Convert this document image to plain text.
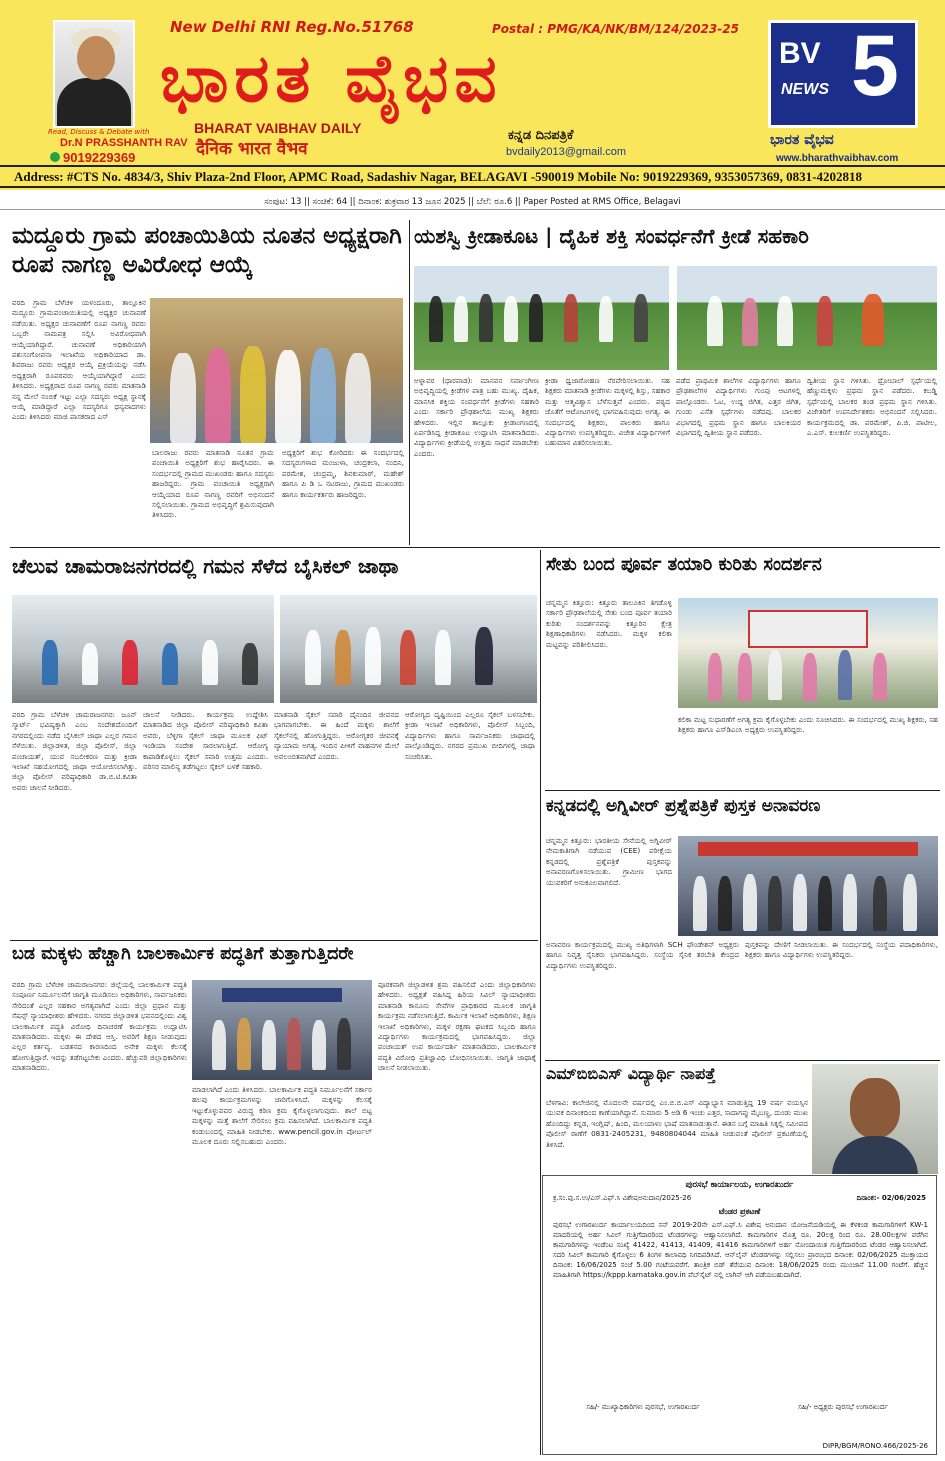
Read, Discuss & Debate with
Dr.N PRASSHANTH RAV
9019229369
New Delhi RNI Reg.No.51768	Postal : PMG/KA/NK/BM/124/2023-25
ಭಾರತ ವೈಭವ
BHARAT VAIBHAV DAILY
दैनिक भारत वैभव
ಕನ್ನಡ ದಿನಪತ್ರಿಕೆ
bvdaily2013@gmail.com
BV 5
NEWS
ಭಾರತ ವೈಭವ
www.bharathvaibhav.com
Address: #CTS No. 4834/3, Shiv Plaza-2nd Floor, APMC Road, Sadashiv Nagar, BELAGAVI -590019 Mobile No: 9019229369, 9353057369, 0831-4202818
ಸಂಪುಟ: 13 || ಸಂಚಿಕೆ: 64 || ದಿನಾಂಕ: ಶುಕ್ರವಾರ 13 ಜೂನ 2025 || ಬೆಲೆ: ರೂ.6 || Paper Posted at RMS Office, Belagavi
ಮದ್ದೂರು ಗ್ರಾಮ ಪಂಚಾಯಿತಿಯ ನೂತನ ಅಧ್ಯಕ್ಷರಾಗಿ ರೂಪ ನಾಗಣ್ಣ ಅವಿರೋಧ ಆಯ್ಕೆ
ವರದಿ ಗ್ರಾಮ ಬೆಳೆಚಳಿ ಯಳಂದೂರು, ತಾಲ್ಲೂಕಿನ ಮದ್ದೂರು ಗ್ರಾಮಪಂಚಾಯಿತಿಯಲ್ಲಿ ಅಧ್ಯಕ್ಷರ ಚುನಾವಣೆ ನಡೆಯಿತು. ಅಧ್ಯಕ್ಷರ ಚುನಾವಣೆಗೆ ರೂಪ ನಾಗಣ್ಣ ರವರು ಒಬ್ಬರೇ ನಾಮಪತ್ರ ಸಲ್ಲಿಸಿ ಅವಿರೋಧವಾಗಿ ಆಯ್ಕೆಯಾಗಿದ್ದಾರೆ. ಚುನಾವಣೆ ಅಧಿಕಾರಿಯಾಗಿ ಪಶುಸಂಗೋಪನಾ ಇಲಾಖೆಯ ಅಧಿಕಾರಿಯಾದ ಡಾ. ಶಿವರಾಜು ರವರು ಅಧ್ಯಕ್ಷರ ಆಯ್ಕೆ ಪ್ರಕ್ರಿಯೆಯನ್ನು ನಡೆಸಿ ಅಧ್ಯಕ್ಷರಾಗಿ ರೂಪರವರು ಆಯ್ಕೆಯಾಗಿದ್ದಾರೆ ಎಂದು ತಿಳಿಸಿದರು. ಅಧ್ಯಕ್ಷರಾದ ರೂಪ ನಾಗಣ್ಣ ರವರು ಮಾತನಾಡಿ ನನ್ನ ಮೇಲೆ ನಂಬಿಕೆ ಇಟ್ಟು ಎಲ್ಲಾ ಸದಸ್ಯರು ಅಧ್ಯಕ್ಷ ಸ್ಥಾನಕ್ಕೆ ಆಯ್ಕೆ ಮಾಡಿದ್ದಾರೆ ಎಲ್ಲಾ ಸದಸ್ಯರಿಗೂ ಧನ್ಯವಾದಗಳು ಎಂದು ತಿಳಿಸಿದರು ಮಾಜಿ ಪಾಸಕರಾದ ಎಸ್
ಬಾಲರಾಜು ರವರು ಮಾತನಾಡಿ ನೂತನ ಗ್ರಾಮ ಪಂಚಾಯಿತಿ ಅಧ್ಯಕ್ಷರಿಗೆ ಶುಭ ಹಾರೈಸಿದರು. ಈ ಸಂದರ್ಭದಲ್ಲಿ ಗ್ರಾಮದ ಮುಖಂಡರು ಹಾಗೂ ಸದಸ್ಯರು ಹಾಜರಿದ್ದರು. ಗ್ರಾಮ ಪಂಚಾಯಿತಿ ಅಧ್ಯಕ್ಷರಾಗಿ ಆಯ್ಕೆಯಾದ ರೂಪ ನಾಗಣ್ಣ ರವರಿಗೆ ಅಭಿನಂದನೆ ಸಲ್ಲಿಸಲಾಯಿತು. ಗ್ರಾಮದ ಅಭಿವೃದ್ಧಿಗೆ ಶ್ರಮಿಸುವುದಾಗಿ ತಿಳಿಸಿದರು.
ಅಧ್ಯಕ್ಷರಿಗೆ ಶುಭ ಕೋರಿದರು ಈ ಸಂದರ್ಭದಲ್ಲಿ ಸದಸ್ಯರುಗಳಾದ ಮಂಜುಳಾ, ಚಂದ್ರಕಲಾ, ನಂದಿನಿ, ಪರಮೇಶ, ಚಂದ್ರಮ್ಮ, ಶಿವಕುಮಾರ್, ಮಹೇಶ್ ಹಾಗೂ ಪಿ ಡಿ ಒ ನಟರಾಜು, ಗ್ರಾಮದ ಮುಖಂಡರು ಹಾಗೂ ಕಾರ್ಯಕರ್ತರು ಹಾಜರಿದ್ದರು.
ಯಶಸ್ವಿ ಕ್ರೀಡಾಕೂಟ | ದೈಹಿಕ ಶಕ್ತಿ ಸಂವರ್ಧನೆಗೆ ಕ್ರೀಡೆ ಸಹಕಾರಿ
ಅಳ್ನಾವರ (ಧಾರವಾಡ): ಮಾನವನ ಸರ್ವಾಂಗೀಣ ಅಭಿವೃದ್ಧಿಯಲ್ಲಿ ಕ್ರೀಡೆಗಳ ಪಾತ್ರ ಬಹು ಮುಖ್ಯ. ದೈಹಿಕ, ಮಾನಸಿಕ ಶಕ್ತಿಯ ಸಂವರ್ಧನೆಗೆ ಕ್ರೀಡೆಗಳು ಸಹಕಾರಿ ಎಂದು ಸರ್ಕಾರಿ ಪ್ರೌಢಶಾಲೆಯ ಮುಖ್ಯ ಶಿಕ್ಷಕರು ಹೇಳಿದರು. ಇಲ್ಲಿನ ತಾಲ್ಲೂಕು ಕ್ರೀಡಾಂಗಣದಲ್ಲಿ ಏರ್ಪಡಿಸಿದ್ದ ಕ್ರೀಡಾಕೂಟ ಉದ್ಘಾಟಿಸಿ ಮಾತನಾಡಿದರು. ವಿದ್ಯಾರ್ಥಿಗಳು ಕ್ರೀಡೆಯಲ್ಲಿ ಉತ್ತಮ ಸಾಧನೆ ಮಾಡಬೇಕು ಎಂದರು.
ಕ್ರೀಡಾ ಧ್ವಜಾರೋಹಣ ನೆರವೇರಿಸಲಾಯಿತು. ಸಹ ಶಿಕ್ಷಕರು ಮಾತನಾಡಿ ಕ್ರೀಡೆಗಳು ಮಕ್ಕಳಲ್ಲಿ ಶಿಸ್ತು, ಸಹಕಾರ ಮತ್ತು ಆತ್ಮವಿಶ್ವಾಸ ಬೆಳೆಸುತ್ತವೆ ಎಂದರು. ಪಠ್ಯದ ಜೊತೆಗೆ ಆಟೋಟಗಳಲ್ಲಿ ಭಾಗವಹಿಸುವುದು ಅಗತ್ಯ. ಈ ಸಂದರ್ಭದಲ್ಲಿ ಶಿಕ್ಷಕರು, ಪಾಲಕರು ಹಾಗೂ ವಿದ್ಯಾರ್ಥಿಗಳು ಉಪಸ್ಥಿತರಿದ್ದರು. ವಿಜೇತ ವಿದ್ಯಾರ್ಥಿಗಳಿಗೆ ಬಹುಮಾನ ವಿತರಿಸಲಾಯಿತು.
ಪಡೆದ ಪ್ರಾಥಮಿಕ ಶಾಲೆಗಳ ವಿದ್ಯಾರ್ಥಿಗಳು ಹಾಗೂ ಪ್ರೌಢಶಾಲೆಗಳ ವಿದ್ಯಾರ್ಥಿಗಳು ಗುಂಪು ಆಟಗಳಲ್ಲಿ ಪಾಲ್ಗೊಂಡರು. ಓಟ, ಉದ್ದ ಜಿಗಿತ, ಎತ್ತರ ಜಿಗಿತ, ಗುಂಡು ಎಸೆತ ಸ್ಪರ್ಧೆಗಳು ನಡೆದವು. ಬಾಲಕರ ವಿಭಾಗದಲ್ಲಿ ಪ್ರಥಮ ಸ್ಥಾನ ಹಾಗೂ ಬಾಲಕಿಯರ ವಿಭಾಗದಲ್ಲಿ ದ್ವಿತೀಯ ಸ್ಥಾನ ಪಡೆದರು.
ದ್ವಿತೀಯ ಸ್ಥಾನ ಗಳಿಸಿತು. ಥ್ರೋಬಾಲ್ ಸ್ಪರ್ಧೆಯಲ್ಲಿ ಹೆಣ್ಣುಮಕ್ಕಳು ಪ್ರಥಮ ಸ್ಥಾನ ಪಡೆದರು. ಕಬಡ್ಡಿ ಸ್ಪರ್ಧೆಯಲ್ಲಿ ಬಾಲಕರ ತಂಡ ಪ್ರಥಮ ಸ್ಥಾನ ಗಳಿಸಿತು. ವಿಜೇತರಿಗೆ ಉಪನಿರ್ದೇಶಕರು ಅಭಿನಂದನೆ ಸಲ್ಲಿಸಿದರು. ಕಾರ್ಯಕ್ರಮದಲ್ಲಿ ಡಾ. ಪರಮೇಶ್, ಪಿ.ಜಿ. ಪಾಟೀಲ, ಎ.ಎಸ್. ಕುಲಕರ್ಣಿ ಉಪಸ್ಥಿತರಿದ್ದರು.
ಚೆಲುವ ಚಾಮರಾಜನಗರದಲ್ಲಿ ಗಮನ ಸೆಳೆದ ಬೈಸಿಕಲ್ ಜಾಥಾ
ವರದಿ ಗ್ರಾಮ ಬೆಳೆಚಳಿ ಚಾಮರಾಜನಗರ: ಜೂನ್ ಸ್ಮಾರ್ಟ್ ಭವಿಷ್ಯಕ್ಕಾಗಿ ಎಂಬ ಸಂದೇಶದೊಂದಿಗೆ ನಗರದಲ್ಲಿಂದು ನಡೆದ ಬೈಸಿಕಲ್ ಜಾಥಾ ಎಲ್ಲರ ಗಮನ ಸೆಳೆಯಿತು. ಜಿಲ್ಲಾಡಳಿತ, ಜಿಲ್ಲಾ ಪೊಲೀಸ್, ಜಿಲ್ಲಾ ಪಂಚಾಯತ್, ಯುವ ಸಬಲೀಕರಣ ಮತ್ತು ಕ್ರೀಡಾ ಇಲಾಖೆ ಸಹಯೋಗದಲ್ಲಿ ಜಾಥಾ ಆಯೋಜಿಸಲಾಗಿತ್ತು. ಜಿಲ್ಲಾ ಪೊಲೀಸ್ ವರಿಷ್ಠಾಧಿಕಾರಿ ಡಾ.ಬಿ.ಟಿ.ಕವಿತಾ ಅವರು ಚಾಲನೆ ನೀಡಿದರು.
ಚಾಲನೆ ನೀಡಿದರು. ಕಾರ್ಯಕ್ರಮ ಉದ್ದೇಶಿಸಿ ಮಾತನಾಡಿದ ಜಿಲ್ಲಾ ಪೊಲೀಸ್ ವರಿಷ್ಠಾಧಿಕಾರಿ ಕವಿತಾ ಅವರು, ಬೆಳ್ಳಿಗಾ ಸೈಕಲ್ ಜಾಥಾ ಮೂಲಕ ಫಿಟ್ ಇಂಡಿಯಾ ಸಂದೇಶ ಸಾರಲಾಗುತ್ತಿದೆ. ಆರೋಗ್ಯ ಕಾಪಾಡಿಕೊಳ್ಳಲು ಸೈಕಲ್ ಸವಾರಿ ಉತ್ತಮ ಎಂದರು. ಪರಿಸರ ಮಾಲಿನ್ಯ ತಡೆಗಟ್ಟಲು ಸೈಕಲ್ ಬಳಕೆ ಸಹಕಾರಿ.
ಮಾತನಾಡಿ ಸೈಕಲ್ ಸವಾರಿ ದೈನಂದಿನ ಜೀವನದ ಭಾಗವಾಗಬೇಕು. ಈ ಹಿಂದೆ ಮಕ್ಕಳು ಶಾಲೆಗೆ ಸೈಕಲ್‌ನಲ್ಲಿ ಹೋಗುತ್ತಿದ್ದರು. ಆರೋಗ್ಯಕರ ಜೀವನಕ್ಕೆ ವ್ಯಾಯಾಮ ಅಗತ್ಯ. ಇಂದಿನ ಪೀಳಿಗೆ ವಾಹನಗಳ ಮೇಲೆ ಅವಲಂಬಿತವಾಗಿದೆ ಎಂದರು.
ಆರೋಗ್ಯದ ದೃಷ್ಟಿಯಿಂದ ಎಲ್ಲರೂ ಸೈಕಲ್ ಬಳಸಬೇಕು. ಕ್ರೀಡಾ ಇಲಾಖೆ ಅಧಿಕಾರಿಗಳು, ಪೊಲೀಸ್ ಸಿಬ್ಬಂದಿ, ವಿದ್ಯಾರ್ಥಿಗಳು ಹಾಗೂ ಸಾರ್ವಜನಿಕರು ಜಾಥಾದಲ್ಲಿ ಪಾಲ್ಗೊಂಡಿದ್ದರು. ನಗರದ ಪ್ರಮುಖ ಬೀದಿಗಳಲ್ಲಿ ಜಾಥಾ ಸಂಚರಿಸಿತು.
ಸೇತು ಬಂದ ಪೂರ್ವ ತಯಾರಿ ಕುರಿತು ಸಂದರ್ಶನ
ಚನ್ನಮ್ಮನ ಕಿತ್ತೂರು: ಕಿತ್ತೂರು ತಾಲೂಕಿನ ತಿಗಡೊಳ್ಳಿ ಸರ್ಕಾರಿ ಪ್ರೌಢಶಾಲೆಯಲ್ಲಿ ಸೇತು ಬಂದ ಪೂರ್ವ ತಯಾರಿ ಕುರಿತು ಸಂದರ್ಶನವನ್ನು ಕಿತ್ತೂರಿನ ಕ್ಷೇತ್ರ ಶಿಕ್ಷಣಾಧಿಕಾರಿಗಳು ನಡೆಸಿದರು. ಮಕ್ಕಳ ಕಲಿಕಾ ಮಟ್ಟವನ್ನು ಪರಿಶೀಲಿಸಿದರು.
ಕಲಿಕಾ ಮಟ್ಟ ಸುಧಾರಣೆಗೆ ಅಗತ್ಯ ಕ್ರಮ ಕೈಗೊಳ್ಳಬೇಕು ಎಂದು ಸೂಚಿಸಿದರು. ಈ ಸಂದರ್ಭದಲ್ಲಿ ಮುಖ್ಯ ಶಿಕ್ಷಕರು, ಸಹ ಶಿಕ್ಷಕರು ಹಾಗೂ ಎಸ್‌ಡಿಎಂಸಿ ಅಧ್ಯಕ್ಷರು ಉಪಸ್ಥಿತರಿದ್ದರು.
ಕನ್ನಡದಲ್ಲಿ ಅಗ್ನಿವೀರ್ ಪ್ರಶ್ನೆಪತ್ರಿಕೆ ಪುಸ್ತಕ ಅನಾವರಣ
ಚನ್ನಮ್ಮನ ಕಿತ್ತೂರು: ಭಾರತೀಯ ಸೇನೆಯಲ್ಲಿ ಅಗ್ನಿವೀರ್ ನೇಮಕಾತಿಗಾಗಿ ನಡೆಯುವ (CEE) ಪರೀಕ್ಷೆಯ ಕನ್ನಡದಲ್ಲಿ ಪ್ರಶ್ನೆಪತ್ರಿಕೆ ಪುಸ್ತಕವನ್ನು ಅನಾವರಣಗೊಳಿಸಲಾಯಿತು. ಗ್ರಾಮೀಣ ಭಾಗದ ಯುವಕರಿಗೆ ಅನುಕೂಲವಾಗಲಿದೆ.
ಅನಾವರಣ ಕಾರ್ಯಕ್ರಮದಲ್ಲಿ ಮುಖ್ಯ ಅತಿಥಿಗಳಾಗಿ SCH ಫೌಂಡೇಶನ್ ಅಧ್ಯಕ್ಷರು ಹಾಗೂ ನಿವೃತ್ತ ಸೈನಿಕರು ಭಾಗವಹಿಸಿದ್ದರು. ಸಂಸ್ಥೆಯ ಸೈನಿಕ ತರಬೇತಿ ಕೇಂದ್ರದ ವಿದ್ಯಾರ್ಥಿಗಳು ಉಪಸ್ಥಿತರಿದ್ದರು.
ಪುಸ್ತಕವನ್ನು ದೇಣಿಗೆ ನೀಡಲಾಯಿತು. ಈ ಸಂದರ್ಭದಲ್ಲಿ ಸಂಸ್ಥೆಯ ಪದಾಧಿಕಾರಿಗಳು, ಶಿಕ್ಷಕರು ಹಾಗೂ ವಿದ್ಯಾರ್ಥಿಗಳು ಉಪಸ್ಥಿತರಿದ್ದರು.
ಬಡ ಮಕ್ಕಳು ಹೆಚ್ಚಾಗಿ ಬಾಲಕಾರ್ಮಿಕ ಪದ್ಧತಿಗೆ ತುತ್ತಾಗುತ್ತಿದರೇ
ವರದಿ ಗ್ರಾಮ ಬೆಳೆಚಳಿ ಚಾಮರಾಜನಗರ: ಜಿಲ್ಲೆಯಲ್ಲಿ ಬಾಲಕಾರ್ಮಿಕ ಪದ್ಧತಿ ಸಂಪೂರ್ಣ ನಿರ್ಮೂಲನೆಗೆ ಜಾಗೃತಿ ಮೂಡಿಸಲು ಅಧಿಕಾರಿಗಳು, ಸಾರ್ವಜನಿಕರು ಸೇರಿದಂತೆ ಎಲ್ಲರ ಸಹಕಾರ ಅಗತ್ಯವಾಗಿದೆ ಎಂದು ಜಿಲ್ಲಾ ಪ್ರಧಾನ ಮತ್ತು ಸೆಷನ್ಸ್ ನ್ಯಾಯಾಧೀಶರು ಹೇಳಿದರು. ನಗರದ ಜಿಲ್ಲಾಡಳಿತ ಭವನದಲ್ಲಿಂದು ವಿಶ್ವ ಬಾಲಕಾರ್ಮಿಕ ಪದ್ಧತಿ ವಿರೋಧಿ ದಿನಾಚರಣೆ ಕಾರ್ಯಕ್ರಮ ಉದ್ಘಾಟಿಸಿ ಮಾತನಾಡಿದರು. ಮಕ್ಕಳು ಈ ದೇಶದ ಆಸ್ತಿ. ಅವರಿಗೆ ಶಿಕ್ಷಣ ನೀಡುವುದು ಎಲ್ಲರ ಕರ್ತವ್ಯ. ಬಡತನದ ಕಾರಣದಿಂದ ಅನೇಕ ಮಕ್ಕಳು ಕೆಲಸಕ್ಕೆ ಹೋಗುತ್ತಿದ್ದಾರೆ. ಇದನ್ನು ತಡೆಗಟ್ಟಬೇಕು ಎಂದರು. ಹೆಚ್ಚುವರಿ ಜಿಲ್ಲಾಧಿಕಾರಿಗಳು ಮಾತನಾಡಿದರು.
ಮಾಡಲಾಗಿದೆ ಎಂದು ತಿಳಿಸಿದರು. ಬಾಲಕಾರ್ಮಿಕ ಪದ್ಧತಿ ನಿರ್ಮೂಲನೆಗೆ ಸರ್ಕಾರ ಹಲವು ಕಾರ್ಯಕ್ರಮಗಳನ್ನು ಜಾರಿಗೊಳಿಸಿದೆ. ಮಕ್ಕಳನ್ನು ಕೆಲಸಕ್ಕೆ ಇಟ್ಟುಕೊಳ್ಳುವವರ ವಿರುದ್ಧ ಕಠಿಣ ಕ್ರಮ ಕೈಗೊಳ್ಳಲಾಗುವುದು. ಶಾಲೆ ಬಿಟ್ಟ ಮಕ್ಕಳನ್ನು ಮತ್ತೆ ಶಾಲೆಗೆ ಸೇರಿಸಲು ಕ್ರಮ ವಹಿಸಲಾಗಿದೆ. ಬಾಲಕಾರ್ಮಿಕ ಪದ್ಧತಿ ಕಂಡುಬಂದಲ್ಲಿ ಮಾಹಿತಿ ನೀಡಬೇಕು. www.pencil.gov.in ಪೋರ್ಟಲ್ ಮೂಲಕ ದೂರು ಸಲ್ಲಿಸಬಹುದು ಎಂದರು.
ಪೂರಕವಾಗಿ ಜಿಲ್ಲಾಡಳಿತ ಶ್ರಮ ವಹಿಸಲಿದೆ ಎಂದು ಜಿಲ್ಲಾಧಿಕಾರಿಗಳು ಹೇಳಿದರು. ಅಧ್ಯಕ್ಷತೆ ವಹಿಸಿದ್ದ ಹಿರಿಯ ಸಿವಿಲ್ ನ್ಯಾಯಾಧೀಶರು ಮಾತನಾಡಿ ಕಾನೂನು ಸೇವೆಗಳ ಪ್ರಾಧಿಕಾರದ ಮೂಲಕ ಜಾಗೃತಿ ಕಾರ್ಯಕ್ರಮ ನಡೆಸಲಾಗುತ್ತಿದೆ. ಕಾರ್ಮಿಕ ಇಲಾಖೆ ಅಧಿಕಾರಿಗಳು, ಶಿಕ್ಷಣ ಇಲಾಖೆ ಅಧಿಕಾರಿಗಳು, ಮಕ್ಕಳ ರಕ್ಷಣಾ ಘಟಕದ ಸಿಬ್ಬಂದಿ ಹಾಗೂ ವಿದ್ಯಾರ್ಥಿಗಳು ಕಾರ್ಯಕ್ರಮದಲ್ಲಿ ಭಾಗವಹಿಸಿದ್ದರು. ಜಿಲ್ಲಾ ಪಂಚಾಯತ್ ಉಪ ಕಾರ್ಯದರ್ಶಿ ಮಾತನಾಡಿದರು. ಬಾಲಕಾರ್ಮಿಕ ಪದ್ಧತಿ ವಿರೋಧಿ ಪ್ರತಿಜ್ಞಾವಿಧಿ ಬೋಧಿಸಲಾಯಿತು. ಜಾಗೃತಿ ಜಾಥಾಕ್ಕೆ ಚಾಲನೆ ನೀಡಲಾಯಿತು.	ಎಮ್‌ಬಿಬಿಎಸ್ ವಿದ್ಯಾರ್ಥಿ ನಾಪತ್ತೆ
ಬೆಳಗಾವಿ: ಕಾಲೇಜಿನಲ್ಲಿ ಮೊದಲನೇ ವರ್ಷದಲ್ಲಿ ಎಂ.ಬಿ.ಬಿ.ಎಸ್ ವಿದ್ಯಾಭ್ಯಾಸ ಮಾಡುತ್ತಿದ್ದ 19 ವರ್ಷ ವಯಸ್ಸಿನ ಯುವಕ ದಿನಾಂಕದಿಂದ ಕಾಣೆಯಾಗಿದ್ದಾನೆ. ಸುಮಾರು 5 ಅಡಿ 6 ಇಂಚು ಎತ್ತರ, ಸಾದಾಗಪ್ಪು ಮೈಬಣ್ಣ, ದುಂಡು ಮುಖ ಹೊಂದಿದ್ದು ಕನ್ನಡ, ಇಂಗ್ಲಿಷ್, ಹಿಂದಿ, ಮಲಯಾಳಂ ಭಾಷೆ ಮಾತನಾಡುತ್ತಾನೆ. ಈತನ ಬಗ್ಗೆ ಮಾಹಿತಿ ಸಿಕ್ಕಲ್ಲಿ ಸಮೀಪದ ಪೊಲೀಸ್ ಠಾಣೆಗೆ 0831-2405231, 9480804044 ಮಾಹಿತಿ ನೀಡುವಂತೆ ಪೊಲೀಸ್ ಪ್ರಕಟಣೆಯಲ್ಲಿ ತಿಳಿಸಿದೆ.
ಪುರಸಭೆ ಕಾರ್ಯಾಲಯ, ಉಗಾರಖುರ್ದ
ಕ್ರ.ಸಂ.ಪು.ಸ.ಉ/ಎಸ್.ಎಫ್.ಸಿ ವಿಶೇಷಅನುದಾನ/2025-26	ದಿನಾಂಕ:- 02/06/2025
ಟೆಂಡರ ಪ್ರಕಟಣೆ
ಪುರಸಭೆ ಉಗಾರಖುರ್ದ ಕಾರ್ಯಾಲಯದಿಂದ ಸನ್ 2019-20ನೇ ಎಸ್.ಎಫ್.ಸಿ ವಿಶೇಷ ಅನುದಾನ ಯೋಜನೆಯಡಿಯಲ್ಲಿ ಈ ಕೆಳಕಂಡ ಕಾಮಗಾರಿಗಳಿಗೆ KW-1 ಮಾದರಿಯಲ್ಲಿ ಅರ್ಹ ಸಿವಿಲ್ ಗುತ್ತಿಗೆದಾರರಿಂದ ಟೆಂಡರಗಳನ್ನು ಆಹ್ವಾನಿಸಲಾಗಿದೆ. ಕಾಮಗಾರಿಗಳ ಮೊತ್ತ ರೂ. 20ಲಕ್ಷ ರಿಂದ ರೂ. 28.00ಲಕ್ಷಗಳ ವರೆಗಿನ ಕಾಮಗಾರಿಗಳನ್ನು ಇಂಡೆಂಟ ಸಂಖ್ಯೆ 41422, 41413, 41409, 41416 ಕಾಮಗಾರಿಗಳಿಗೆ ಅರ್ಹ ನೋಂದಾಯಿತ ಗುತ್ತಿಗೆದಾರರಿಂದ ಟೆಂಡರ ಆಹ್ವಾನಿಸಲಾಗಿದೆ. ಸದರಿ ಸಿವಿಲ್ ಕಾಮಗಾರಿ ಕೈಗೊಳ್ಳಲು 6 ತಿಂಗಳ ಕಾಲಾವಧಿ ನಿಗದಿಪಡಿಸಿದೆ. ಆನ್‌ಲೈನ್ ಟೆಂಡರಗಳನ್ನು ಸಲ್ಲಿಸಲು ಪ್ರಾರಂಭದ ದಿನಾಂಕ: 02/06/2025 ಮುಕ್ತಾಯದ ದಿನಾಂಕ: 16/06/2025 ಸಂಜೆ 5.00 ಗಂಟೆಯವರೆಗೆ. ತಾಂತ್ರಿಕ ಬಿಡ್ ತೆರೆಯುವ ದಿನಾಂಕ: 18/06/2025 ರಂದು ಮುಂಜಾನೆ 11.00 ಗಂಟೆಗೆ. ಹೆಚ್ಚಿನ ಮಾಹಿತಿಗಾಗಿ https://kppp.karnataka.gov.in ವೆಬ್‌ಸೈಟ್ ನಲ್ಲಿ ಲಾಗಿನ್ ಆಗಿ ಪಡೆಯಬಹುದಾಗಿದೆ.
ಸಹಿ/- ಮುಖ್ಯಾಧಿಕಾರಿಗಳು ಪುರಸಭೆ, ಉಗಾರಖುರ್ದ	ಸಹಿ/- ಅಧ್ಯಕ್ಷರು ಪುರಸಭೆ ಉಗಾರಖುರ್ದ
DIPR/BGM/RONO.466/2025-26
